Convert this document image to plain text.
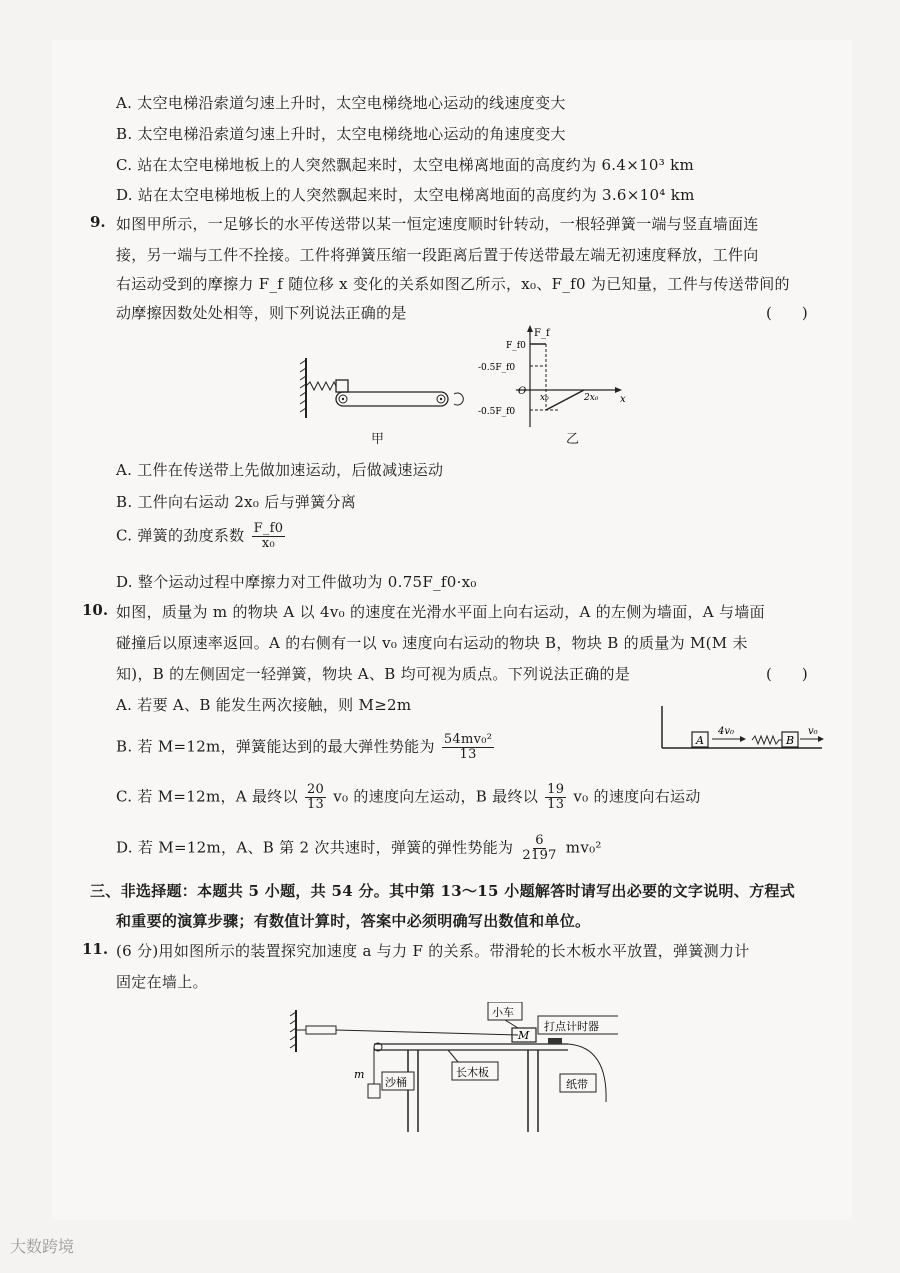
A. 太空电梯沿索道匀速上升时，太空电梯绕地心运动的线速度变大
B. 太空电梯沿索道匀速上升时，太空电梯绕地心运动的角速度变大
C. 站在太空电梯地板上的人突然飘起来时，太空电梯离地面的高度约为 6.4×10³ km
D. 站在太空电梯地板上的人突然飘起来时，太空电梯离地面的高度约为 3.6×10⁴ km
9. 如图甲所示，一足够长的水平传送带以某一恒定速度顺时针转动，一根轻弹簧一端与竖直墙面连
接，另一端与工件不拴接。工件将弹簧压缩一段距离后置于传送带最左端无初速度释放，工件向
右运动受到的摩擦力 F_f 随位移 x 变化的关系如图乙所示，x₀、F_f0 为已知量，工件与传送带间的
动摩擦因数处处相等，则下列说法正确的是	(　　)
甲
F_f
x
O
F_f0
-0.5F_f0
-0.5F_f0
x₀	2x₀
乙
A. 工件在传送带上先做加速运动，后做减速运动
B. 工件向右运动 2x₀ 后与弹簧分离
C. 弹簧的劲度系数 $\frac{F\_f0}{\text{x₀}}$
D. 整个运动过程中摩擦力对工件做功为 0.75F_f0·x₀
10. 如图，质量为 m 的物块 A 以 4v₀ 的速度在光滑水平面上向右运动，A 的左侧为墙面，A 与墙面
碰撞后以原速率返回。A 的右侧有一以 v₀ 速度向右运动的物块 B，物块 B 的质量为 M(M 未
知)，B 的左侧固定一轻弹簧，物块 A、B 均可视为质点。下列说法正确的是	(　　)
A. 若要 A、B 能发生两次接触，则 M≥2m
A
4v₀
B
v₀
B. 若 M=12m，弹簧能达到的最大弹性势能为 $\frac{\text{54mv₀²}}{13}$
C. 若 M=12m，A 最终以 $\frac{20}{13} v_0$ 的速度向左运动，B 最终以 $\frac{19}{13} v_0$ 的速度向右运动
D. 若 M=12m，A、B 第 2 次共速时，弹簧的弹性势能为 $\frac{6}{2197} mv_0^2$
三、非选择题：本题共 5 小题，共 54 分。其中第 13～15 小题解答时请写出必要的文字说明、方程式
和重要的演算步骤；有数值计算时，答案中必须明确写出数值和单位。
11. (6 分)用如图所示的装置探究加速度 a 与力 F 的关系。带滑轮的长木板水平放置，弹簧测力计
固定在墙上。
M
小车
打点计时器
m
沙桶
长木板
纸带
大数跨境
